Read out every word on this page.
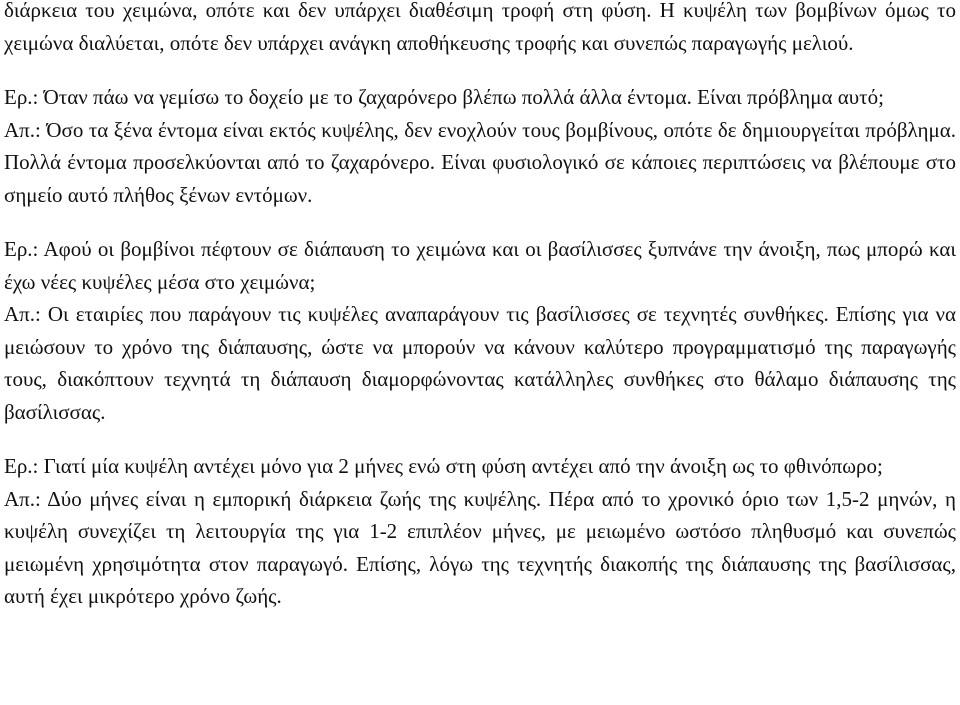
διάρκεια του χειμώνα, οπότε και δεν υπάρχει διαθέσιμη τροφή στη φύση. Η κυψέλη των βομβίνων όμως το χειμώνα διαλύεται, οπότε δεν υπάρχει ανάγκη αποθήκευσης τροφής και συνεπώς παραγωγής μελιού.

Ερ.: Όταν πάω να γεμίσω το δοχείο με το ζαχαρόνερο βλέπω πολλά άλλα έντομα. Είναι πρόβλημα αυτό;

Απ.: Όσο τα ξένα έντομα είναι εκτός κυψέλης, δεν ενοχλούν τους βομβίνους, οπότε δε δημιουργείται πρόβλημα. Πολλά έντομα προσελκύονται από το ζαχαρόνερο. Είναι φυσιολογικό σε κάποιες περιπτώσεις να βλέπουμε στο σημείο αυτό πλήθος ξένων εντόμων.

Ερ.: Αφού οι βομβίνοι πέφτουν σε διάπαυση το χειμώνα και οι βασίλισσες ξυπνάνε την άνοιξη, πως μπορώ και έχω νέες κυψέλες μέσα στο χειμώνα;

Απ.: Οι εταιρίες που παράγουν τις κυψέλες αναπαράγουν τις βασίλισσες σε τεχνητές συνθήκες. Επίσης για να μειώσουν το χρόνο της διάπαυσης, ώστε να μπορούν να κάνουν καλύτερο προγραμματισμό της παραγωγής τους, διακόπτουν τεχνητά τη διάπαυση διαμορφώνοντας κατάλληλες συνθήκες στο θάλαμο διάπαυσης της βασίλισσας.

Ερ.: Γιατί μία κυψέλη αντέχει μόνο για 2 μήνες ενώ στη φύση αντέχει από την άνοιξη ως το φθινόπωρο;

Απ.: Δύο μήνες είναι η εμπορική διάρκεια ζωής της κυψέλης. Πέρα από το χρονικό όριο των 1,5-2 μηνών, η κυψέλη συνεχίζει τη λειτουργία της για 1-2 επιπλέον μήνες, με μειωμένο ωστόσο πληθυσμό και συνεπώς μειωμένη χρησιμότητα στον παραγωγό. Επίσης, λόγω της τεχνητής διακοπής της διάπαυσης της βασίλισσας, αυτή έχει μικρότερο χρόνο ζωής.
